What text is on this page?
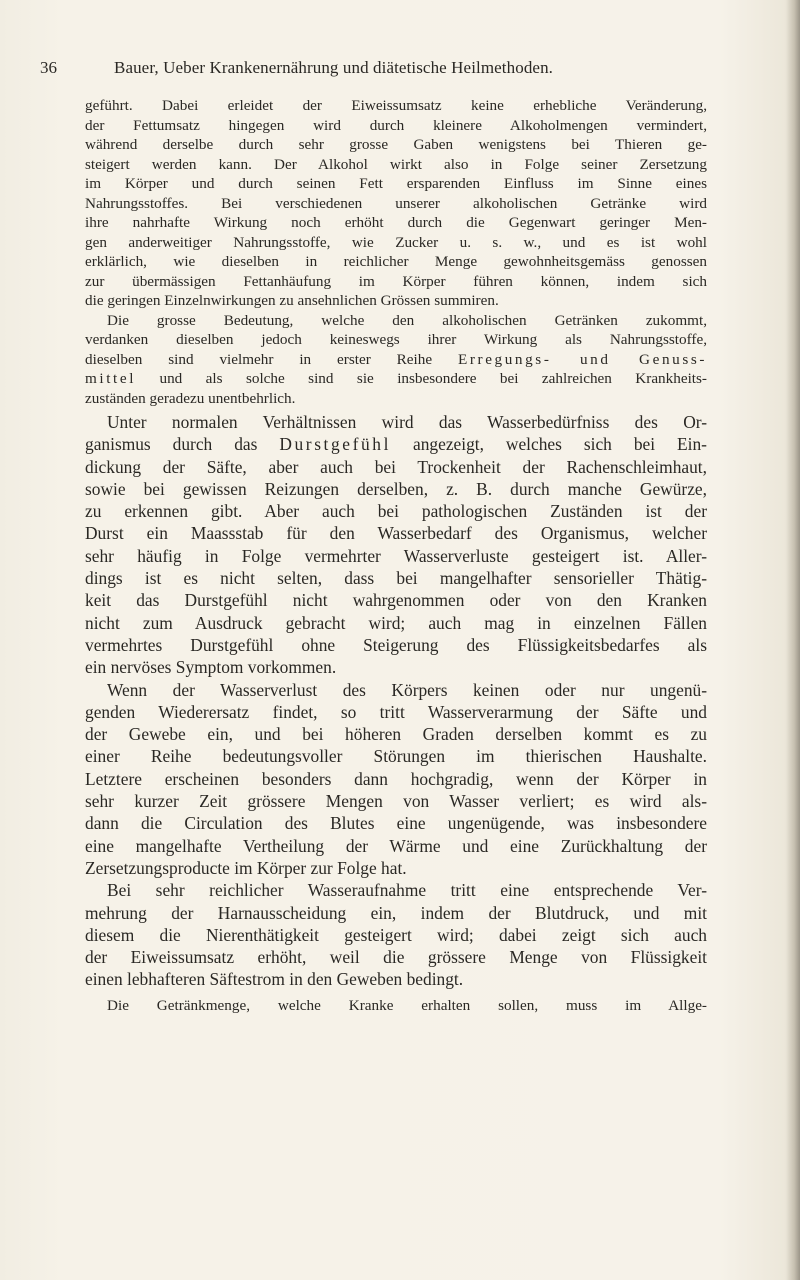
36	Bauer, Ueber Krankenernährung und diätetische Heilmethoden.
geführt. Dabei erleidet der Eiweissumsatz keine erhebliche Veränderung,
der Fettumsatz hingegen wird durch kleinere Alkoholmengen vermindert,
während derselbe durch sehr grosse Gaben wenigstens bei Thieren ge-
steigert werden kann. Der Alkohol wirkt also in Folge seiner Zersetzung
im Körper und durch seinen Fett ersparenden Einfluss im Sinne eines
Nahrungsstoffes. Bei verschiedenen unserer alkoholischen Getränke wird
ihre nahrhafte Wirkung noch erhöht durch die Gegenwart geringer Men-
gen anderweitiger Nahrungsstoffe, wie Zucker u. s. w., und es ist wohl
erklärlich, wie dieselben in reichlicher Menge gewohnheitsgemäss genossen
zur übermässigen Fettanhäufung im Körper führen können, indem sich
die geringen Einzelnwirkungen zu ansehnlichen Grössen summiren.
Die grosse Bedeutung, welche den alkoholischen Getränken zukommt,
verdanken dieselben jedoch keineswegs ihrer Wirkung als Nahrungsstoffe,
dieselben sind vielmehr in erster Reihe Erregungs- und Genuss-
mittel und als solche sind sie insbesondere bei zahlreichen Krankheits-
zuständen geradezu unentbehrlich.
Unter normalen Verhältnissen wird das Wasserbedürfniss des Or-
ganismus durch das Durstgefühl angezeigt, welches sich bei Ein-
dickung der Säfte, aber auch bei Trockenheit der Rachenschleimhaut,
sowie bei gewissen Reizungen derselben, z. B. durch manche Gewürze,
zu erkennen gibt. Aber auch bei pathologischen Zuständen ist der
Durst ein Maassstab für den Wasserbedarf des Organismus, welcher
sehr häufig in Folge vermehrter Wasserverluste gesteigert ist. Aller-
dings ist es nicht selten, dass bei mangelhafter sensorieller Thätig-
keit das Durstgefühl nicht wahrgenommen oder von den Kranken
nicht zum Ausdruck gebracht wird; auch mag in einzelnen Fällen
vermehrtes Durstgefühl ohne Steigerung des Flüssigkeitsbedarfes als
ein nervöses Symptom vorkommen.
Wenn der Wasserverlust des Körpers keinen oder nur ungenü-
genden Wiederersatz findet, so tritt Wasserverarmung der Säfte und
der Gewebe ein, und bei höheren Graden derselben kommt es zu
einer Reihe bedeutungsvoller Störungen im thierischen Haushalte.
Letztere erscheinen besonders dann hochgradig, wenn der Körper in
sehr kurzer Zeit grössere Mengen von Wasser verliert; es wird als-
dann die Circulation des Blutes eine ungenügende, was insbesondere
eine mangelhafte Vertheilung der Wärme und eine Zurückhaltung der
Zersetzungsproducte im Körper zur Folge hat.
Bei sehr reichlicher Wasseraufnahme tritt eine entsprechende Ver-
mehrung der Harnausscheidung ein, indem der Blutdruck, und mit
diesem die Nierenthätigkeit gesteigert wird; dabei zeigt sich auch
der Eiweissumsatz erhöht, weil die grössere Menge von Flüssigkeit
einen lebhafteren Säftestrom in den Geweben bedingt.
Die Getränkmenge, welche Kranke erhalten sollen, muss im Allge-
